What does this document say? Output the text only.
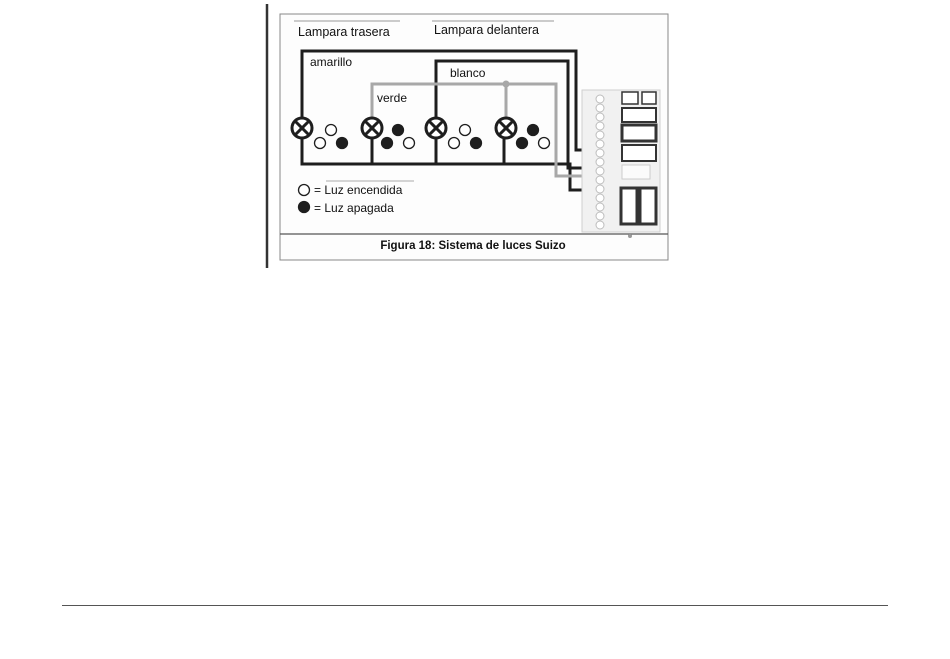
Lampara trasera	Lampara delantera
amarillo
blanco
verde
= Luz encendida
= Luz apagada
Figura 18: Sistema de luces Suizo
